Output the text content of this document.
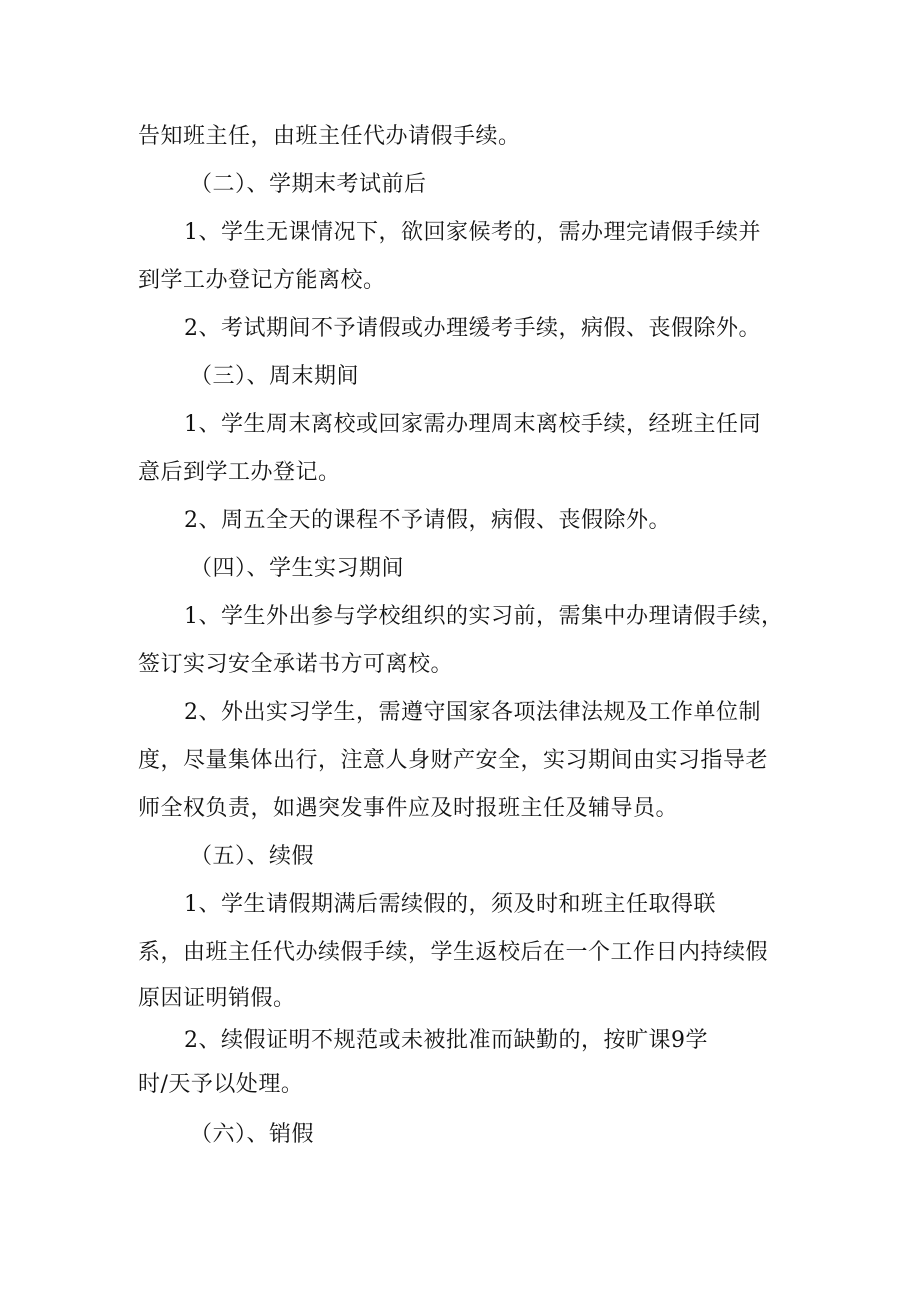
告知班主任，由班主任代办请假手续。
（二）、学期末考试前后
1、学生无课情况下，欲回家候考的，需办理完请假手续并
到学工办登记方能离校。
2、考试期间不予请假或办理缓考手续，病假、丧假除外。
（三）、周末期间
1、学生周末离校或回家需办理周末离校手续，经班主任同
意后到学工办登记。
2、周五全天的课程不予请假，病假、丧假除外。
（四）、学生实习期间
1、学生外出参与学校组织的实习前，需集中办理请假手续，
签订实习安全承诺书方可离校。
2、外出实习学生，需遵守国家各项法律法规及工作单位制
度，尽量集体出行，注意人身财产安全，实习期间由实习指导老
师全权负责，如遇突发事件应及时报班主任及辅导员。
（五）、续假
1、学生请假期满后需续假的，须及时和班主任取得联
系，由班主任代办续假手续，学生返校后在一个工作日内持续假
原因证明销假。
2、续假证明不规范或未被批准而缺勤的，按旷课9学
时/天予以处理。
（六）、销假
